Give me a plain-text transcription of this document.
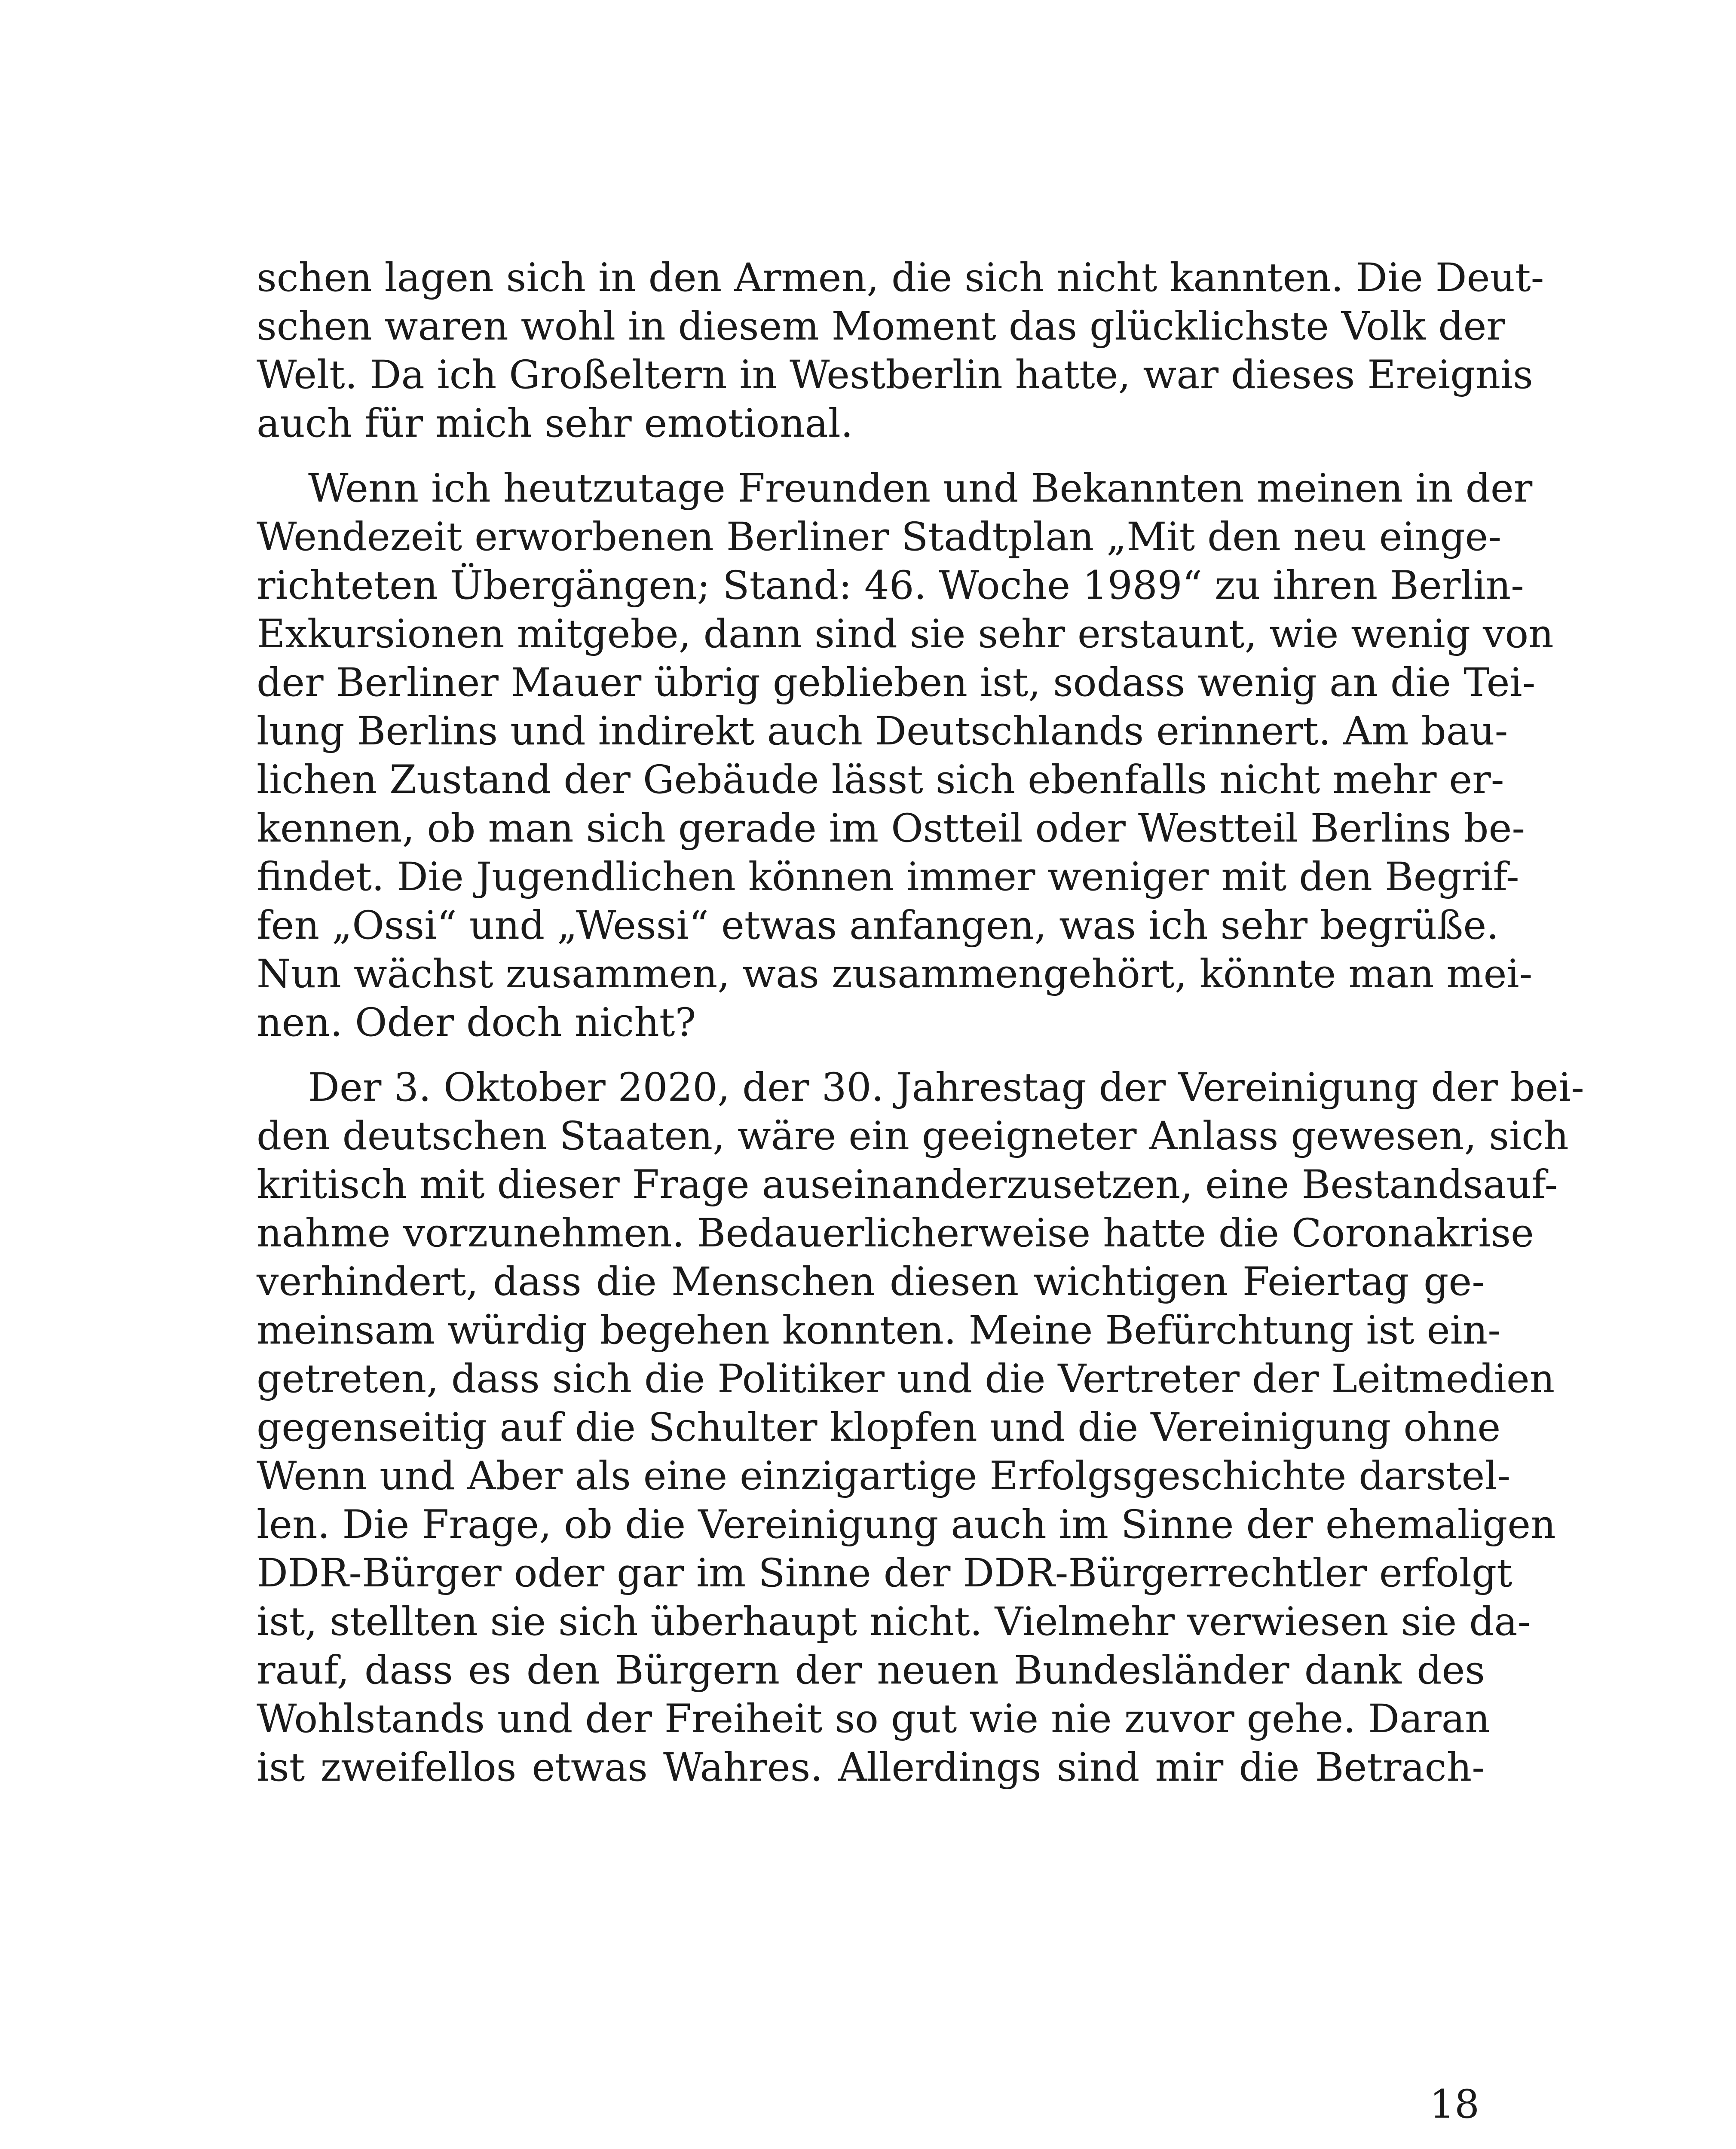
schen lagen sich in den Armen, die sich nicht kannten. Die Deut-
schen waren wohl in diesem Moment das glücklichste Volk der
Welt. Da ich Großeltern in Westberlin hatte, war dieses Ereignis
auch für mich sehr emotional.

Wenn ich heutzutage Freunden und Bekannten meinen in der
Wendezeit erworbenen Berliner Stadtplan „Mit den neu einge-
richteten Übergängen; Stand: 46. Woche 1989“ zu ihren Berlin-
Exkursionen mitgebe, dann sind sie sehr erstaunt, wie wenig von
der Berliner Mauer übrig geblieben ist, sodass wenig an die Tei-
lung Berlins und indirekt auch Deutschlands erinnert. Am bau-
lichen Zustand der Gebäude lässt sich ebenfalls nicht mehr er-
kennen, ob man sich gerade im Ostteil oder Westteil Berlins be-
findet. Die Jugendlichen können immer weniger mit den Begrif-
fen „Ossi“ und „Wessi“ etwas anfangen, was ich sehr begrüße.
Nun wächst zusammen, was zusammengehört, könnte man mei-
nen. Oder doch nicht?

Der 3. Oktober 2020, der 30. Jahrestag der Vereinigung der bei-
den deutschen Staaten, wäre ein geeigneter Anlass gewesen, sich
kritisch mit dieser Frage auseinanderzusetzen, eine Bestandsauf-
nahme vorzunehmen. Bedauerlicherweise hatte die Coronakrise
verhindert, dass die Menschen diesen wichtigen Feiertag ge-
meinsam würdig begehen konnten. Meine Befürchtung ist ein-
getreten, dass sich die Politiker und die Vertreter der Leitmedien
gegenseitig auf die Schulter klopfen und die Vereinigung ohne
Wenn und Aber als eine einzigartige Erfolgsgeschichte darstel-
len. Die Frage, ob die Vereinigung auch im Sinne der ehemaligen
DDR-Bürger oder gar im Sinne der DDR-Bürgerrechtler erfolgt
ist, stellten sie sich überhaupt nicht. Vielmehr verwiesen sie da-
rauf, dass es den Bürgern der neuen Bundesländer dank des
Wohlstands und der Freiheit so gut wie nie zuvor gehe. Daran
ist zweifellos etwas Wahres. Allerdings sind mir die Betrach-

18
